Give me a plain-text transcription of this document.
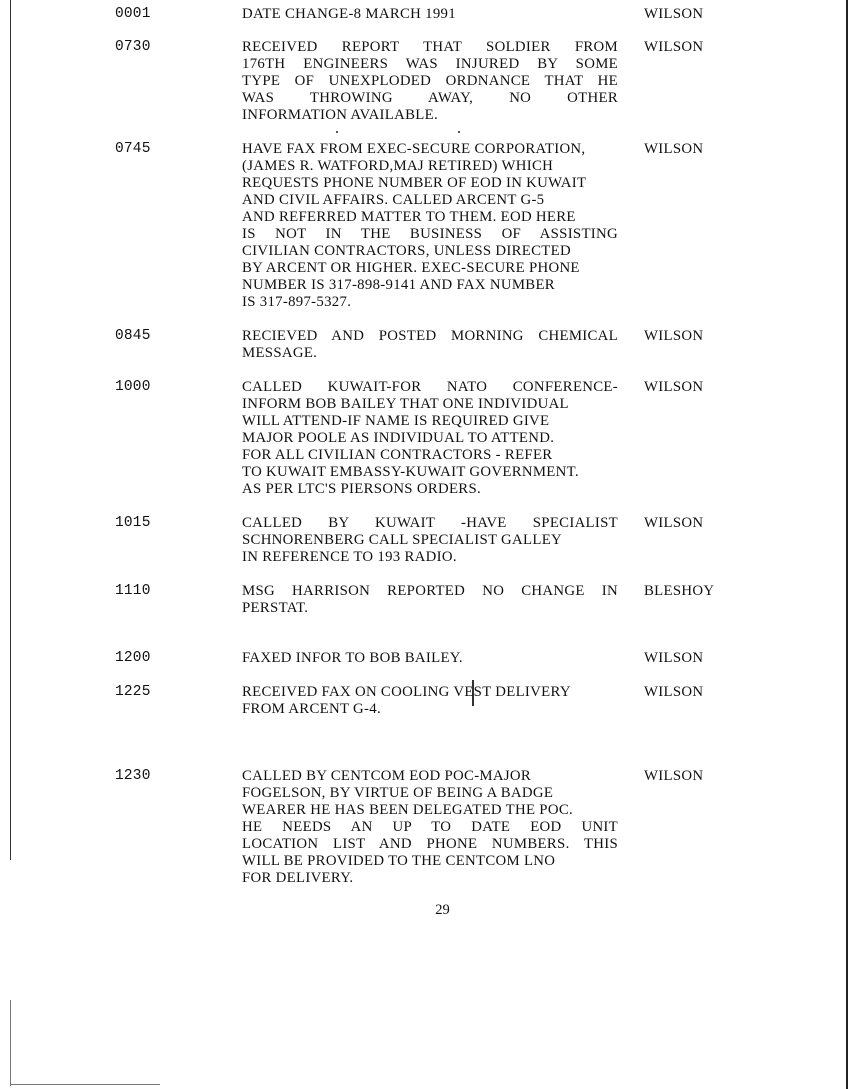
0001	DATE CHANGE-8 MARCH 1991	WILSON
0730	RECEIVED REPORT THAT SOLDIER FROM
176TH ENGINEERS WAS INJURED BY SOME
TYPE OF UNEXPLODED ORDNANCE THAT HE
WAS THROWING AWAY, NO OTHER
INFORMATION AVAILABLE.
WILSON
0745	HAVE FAX FROM EXEC-SECURE CORPORATION,
(JAMES R. WATFORD,MAJ RETIRED) WHICH
REQUESTS PHONE NUMBER OF EOD IN KUWAIT
AND CIVIL AFFAIRS. CALLED ARCENT G-5
AND REFERRED MATTER TO THEM. EOD HERE
IS NOT IN THE BUSINESS OF ASSISTING
CIVILIAN CONTRACTORS, UNLESS DIRECTED
BY ARCENT OR HIGHER. EXEC-SECURE PHONE
NUMBER IS 317-898-9141 AND FAX NUMBER
IS 317-897-5327.
WILSON
0845	RECIEVED AND POSTED MORNING CHEMICAL
MESSAGE.
WILSON
1000	CALLED KUWAIT-FOR NATO CONFERENCE-
INFORM BOB BAILEY THAT ONE INDIVIDUAL
WILL ATTEND-IF NAME IS REQUIRED GIVE
MAJOR POOLE AS INDIVIDUAL TO ATTEND.
FOR ALL CIVILIAN CONTRACTORS - REFER
TO KUWAIT EMBASSY-KUWAIT GOVERNMENT.
AS PER LTC'S PIERSONS ORDERS.
WILSON
1015	CALLED BY KUWAIT -HAVE SPECIALIST
SCHNORENBERG CALL SPECIALIST GALLEY
IN REFERENCE TO 193 RADIO.
WILSON
1110	MSG HARRISON REPORTED NO CHANGE IN
PERSTAT.
BLESHOY
1200	FAXED INFOR TO BOB BAILEY.	WILSON
1225	RECEIVED FAX ON COOLING VEST DELIVERY
FROM ARCENT G-4.
WILSON
1230	CALLED BY CENTCOM EOD POC-MAJOR
FOGELSON, BY VIRTUE OF BEING A BADGE
WEARER HE HAS BEEN DELEGATED THE POC.
HE NEEDS AN UP TO DATE EOD UNIT
LOCATION LIST AND PHONE NUMBERS. THIS
WILL BE PROVIDED TO THE CENTCOM LNO
FOR DELIVERY.
WILSON
29
